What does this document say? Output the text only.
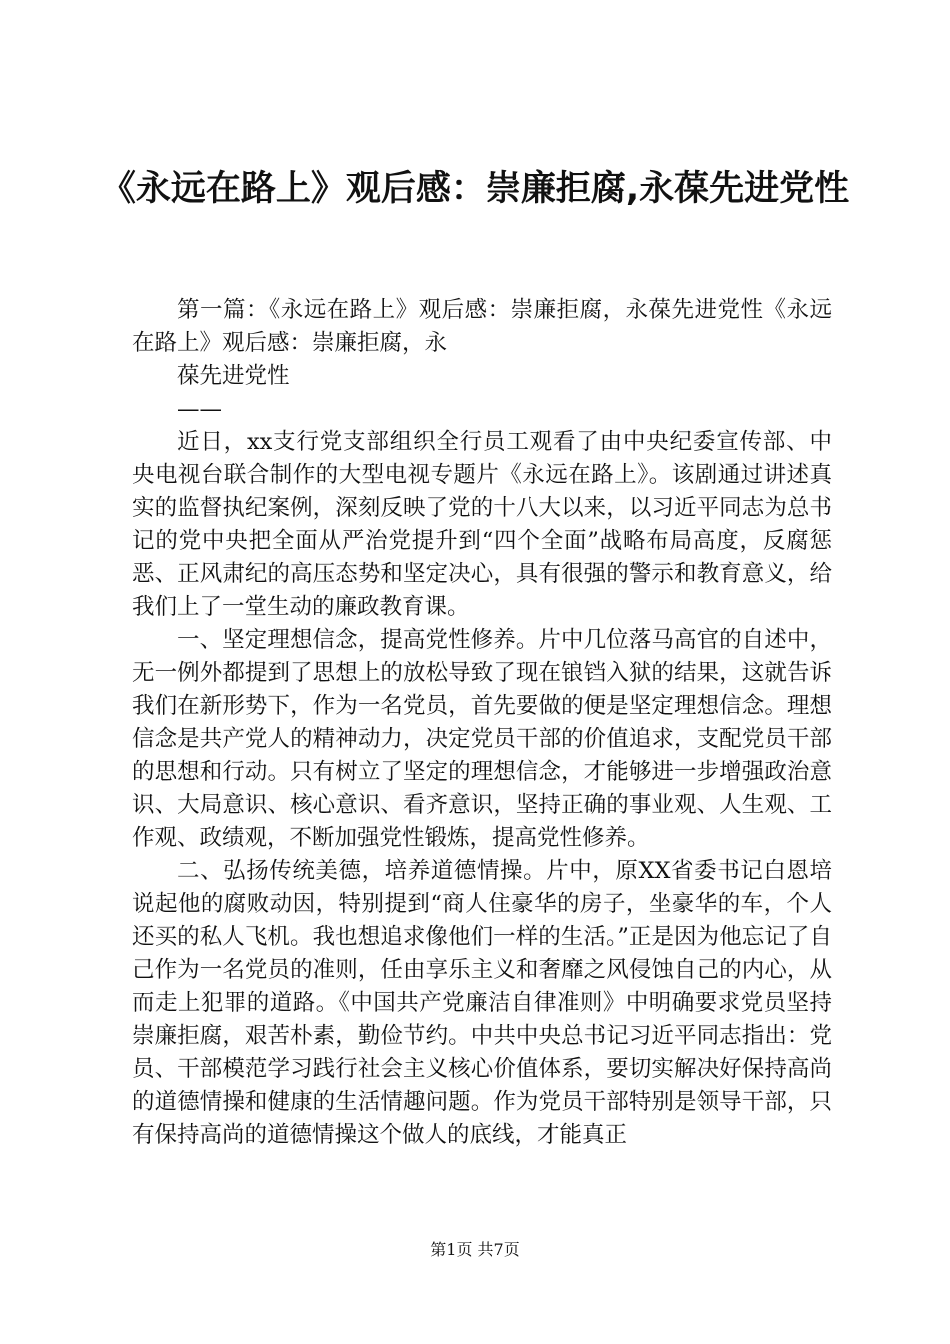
《永远在路上》观后感：崇廉拒腐,永葆先进党性

第一篇：《永远在路上》观后感：崇廉拒腐，永葆先进党性《永远在路上》观后感：崇廉拒腐，永

葆先进党性

——

近日，xx支行党支部组织全行员工观看了由中央纪委宣传部、中央电视台联合制作的大型电视专题片《永远在路上》。该剧通过讲述真实的监督执纪案例，深刻反映了党的十八大以来，以习近平同志为总书记的党中央把全面从严治党提升到“四个全面”战略布局高度，反腐惩恶、正风肃纪的高压态势和坚定决心，具有很强的警示和教育意义，给我们上了一堂生动的廉政教育课。

一、坚定理想信念，提高党性修养。片中几位落马高官的自述中，无一例外都提到了思想上的放松导致了现在锒铛入狱的结果，这就告诉我们在新形势下，作为一名党员，首先要做的便是坚定理想信念。理想信念是共产党人的精神动力，决定党员干部的价值追求，支配党员干部的思想和行动。只有树立了坚定的理想信念，才能够进一步增强政治意识、大局意识、核心意识、看齐意识，坚持正确的事业观、人生观、工作观、政绩观，不断加强党性锻炼，提高党性修养。

二、弘扬传统美德，培养道德情操。片中，原XX省委书记白恩培说起他的腐败动因，特别提到“商人住豪华的房子，坐豪华的车，个人还买的私人飞机。我也想追求像他们一样的生活。”正是因为他忘记了自己作为一名党员的准则，任由享乐主义和奢靡之风侵蚀自己的内心，从而走上犯罪的道路。《中国共产党廉洁自律准则》中明确要求党员坚持崇廉拒腐，艰苦朴素，勤俭节约。中共中央总书记习近平同志指出：党员、干部模范学习践行社会主义核心价值体系，要切实解决好保持高尚的道德情操和健康的生活情趣问题。作为党员干部特别是领导干部，只有保持高尚的道德情操这个做人的底线，才能真正

第1页 共7页
